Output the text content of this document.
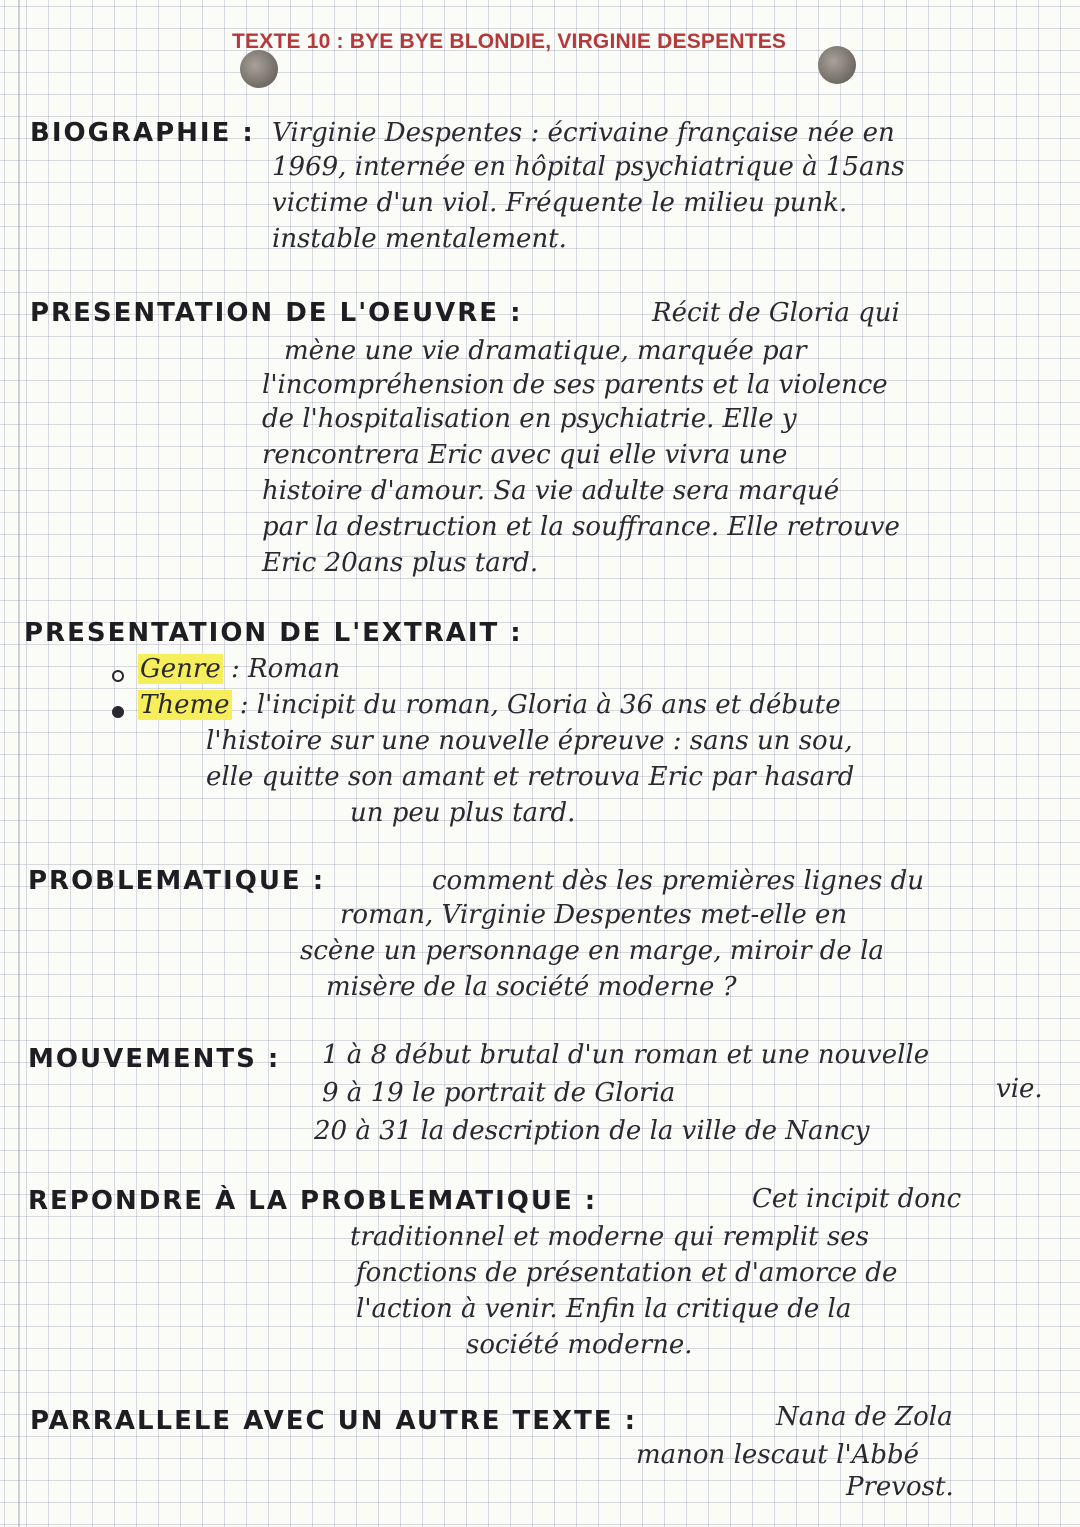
TEXTE 10 : BYE BYE BLONDIE, VIRGINIE DESPENTES
BIOGRAPHIE : Virginie Despentes : écrivaine française née en
1969, internée en hôpital psychiatrique à 15ans
victime d'un viol. Fréquente le milieu punk.
instable mentalement.
PRESENTATION DE L'OEUVRE :	Récit de Gloria qui
mène une vie dramatique, marquée par
l'incompréhension de ses parents et la violence
de l'hospitalisation en psychiatrie. Elle y
rencontrera Eric avec qui elle vivra une
histoire d'amour. Sa vie adulte sera marqué
par la destruction et la souffrance. Elle retrouve
Eric 20ans plus tard.
PRESENTATION DE L'EXTRAIT :
Genre : Roman
Theme : l'incipit du roman, Gloria à 36 ans et débute
l'histoire sur une nouvelle épreuve : sans un sou,
elle quitte son amant et retrouva Eric par hasard
un peu plus tard.
PROBLEMATIQUE :	comment dès les premières lignes du
roman, Virginie Despentes met-elle en
scène un personnage en marge, miroir de la
misère de la société moderne ?
MOUVEMENTS : 1 à 8 début brutal d'un roman et une nouvelle
vie.
9 à 19 le portrait de Gloria
20 à 31 la description de la ville de Nancy
REPONDRE À LA PROBLEMATIQUE :	Cet incipit donc
traditionnel et moderne qui remplit ses
fonctions de présentation et d'amorce de
l'action à venir. Enfin la critique de la
société moderne.
PARRALLELE AVEC UN AUTRE TEXTE :	Nana de Zola
manon lescaut l'Abbé
Prevost.
